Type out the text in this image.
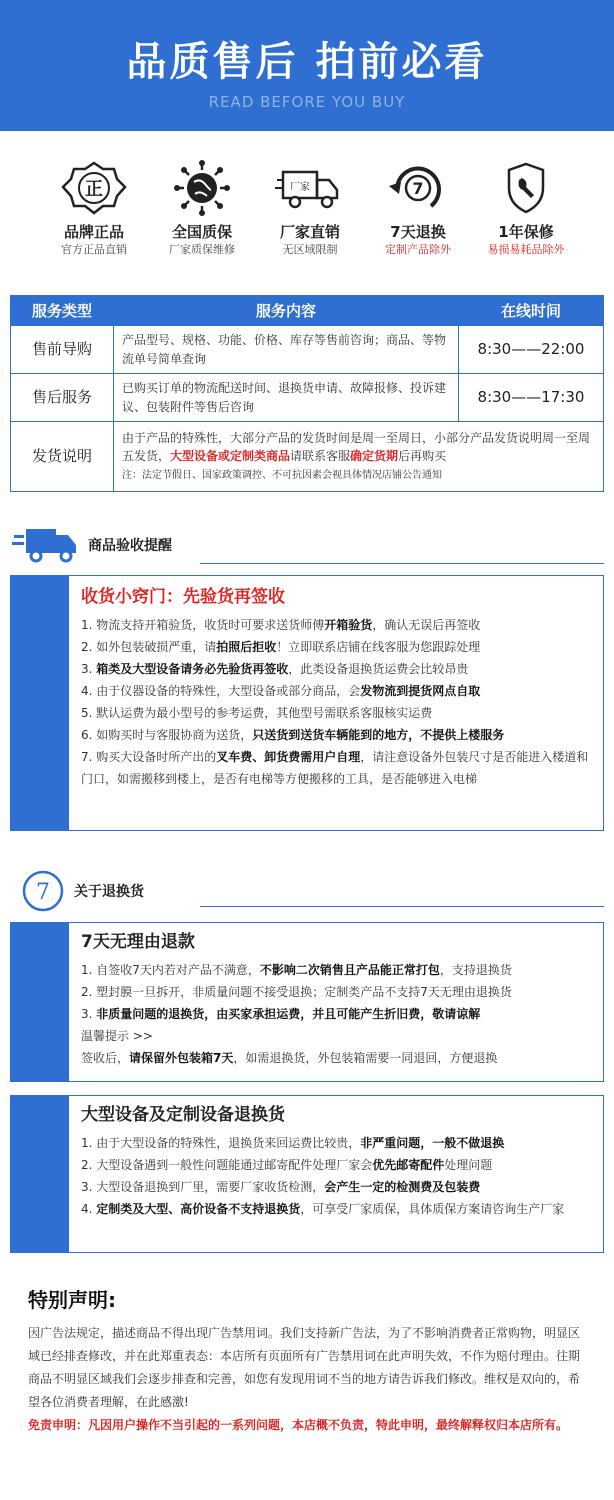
品质售后 拍前必看
READ BEFORE YOU BUY
正
品牌正品
官方正品直销
全国质保
厂家质保维修
厂家
厂家直销
无区域限制
7
7天退换
定制产品除外
1年保修
易损易耗品除外
服务类型	服务内容	在线时间
售前导购	产品型号、规格、功能、价格、库存等售前咨询；商品、等物流单号简单查询	8:30——22:00
售后服务	已购买订单的物流配送时间、退换货申请、故障报修、投诉建议、包装附件等售后咨询	8:30——17:30
发货说明	由于产品的特殊性，大部分产品的发货时间是周一至周日，小部分产品发货说明周一至周五发货，大型设备或定制类商品请联系客服确定货期后再购买
注：法定节假日、国家政策调控、不可抗因素会视具体情况店铺公告通知	
商品验收提醒
收货小窍门：先验货再签收
1. 物流支持开箱验货，收货时可要求送货师傅开箱验货，确认无误后再签收
2. 如外包装破损严重，请拍照后拒收！立即联系店铺在线客服为您跟踪处理
3. 箱类及大型设备请务必先验货再签收，此类设备退换货运费会比较昂贵
4. 由于仪器设备的特殊性，大型设备或部分商品，会发物流到提货网点自取
5. 默认运费为最小型号的参考运费，其他型号需联系客服核实运费
6. 如购买时与客服协商为送货，只送货到送货车辆能到的地方，不提供上楼服务
7. 购买大设备时所产出的叉车费、卸货费需用户自理，请注意设备外包装尺寸是否能进入楼道和门口，如需搬移到楼上，是否有电梯等方便搬移的工具，是否能够进入电梯
7 关于退换货
7天无理由退款
1. 自签收7天内若对产品不满意，不影响二次销售且产品能正常打包，支持退换货
2. 塑封膜一旦拆开，非质量问题不接受退换；定制类产品不支持7天无理由退换货
3. 非质量问题的退换货，由买家承担运费，并且可能产生折旧费，敬请谅解
温馨提示 >>
签收后，请保留外包装箱7天，如需退换货，外包装箱需要一同退回，方便退换
大型设备及定制设备退换货
1. 由于大型设备的特殊性，退换货来回运费比较贵，非严重问题，一般不做退换
2. 大型设备遇到一般性问题能通过邮寄配件处理厂家会优先邮寄配件处理问题
3. 大型设备退换到厂里，需要厂家收货检测，会产生一定的检测费及包装费
4. 定制类及大型、高价设备不支持退换货，可享受厂家质保，具体质保方案请咨询生产厂家
特别声明:

因广告法规定，描述商品不得出现广告禁用词。我们支持新广告法，为了不影响消费者正常购物，明显区域已经排查修改，并在此郑重表态：本店所有页面所有广告禁用词在此声明失效，不作为赔付理由。往期商品不明显区域我们会逐步排查和完善，如您有发现用词不当的地方请告诉我们修改。维权是双向的，希望各位消费者理解，在此感激!

免责申明：凡因用户操作不当引起的一系列问题，本店概不负责，特此申明，最终解释权归本店所有。
